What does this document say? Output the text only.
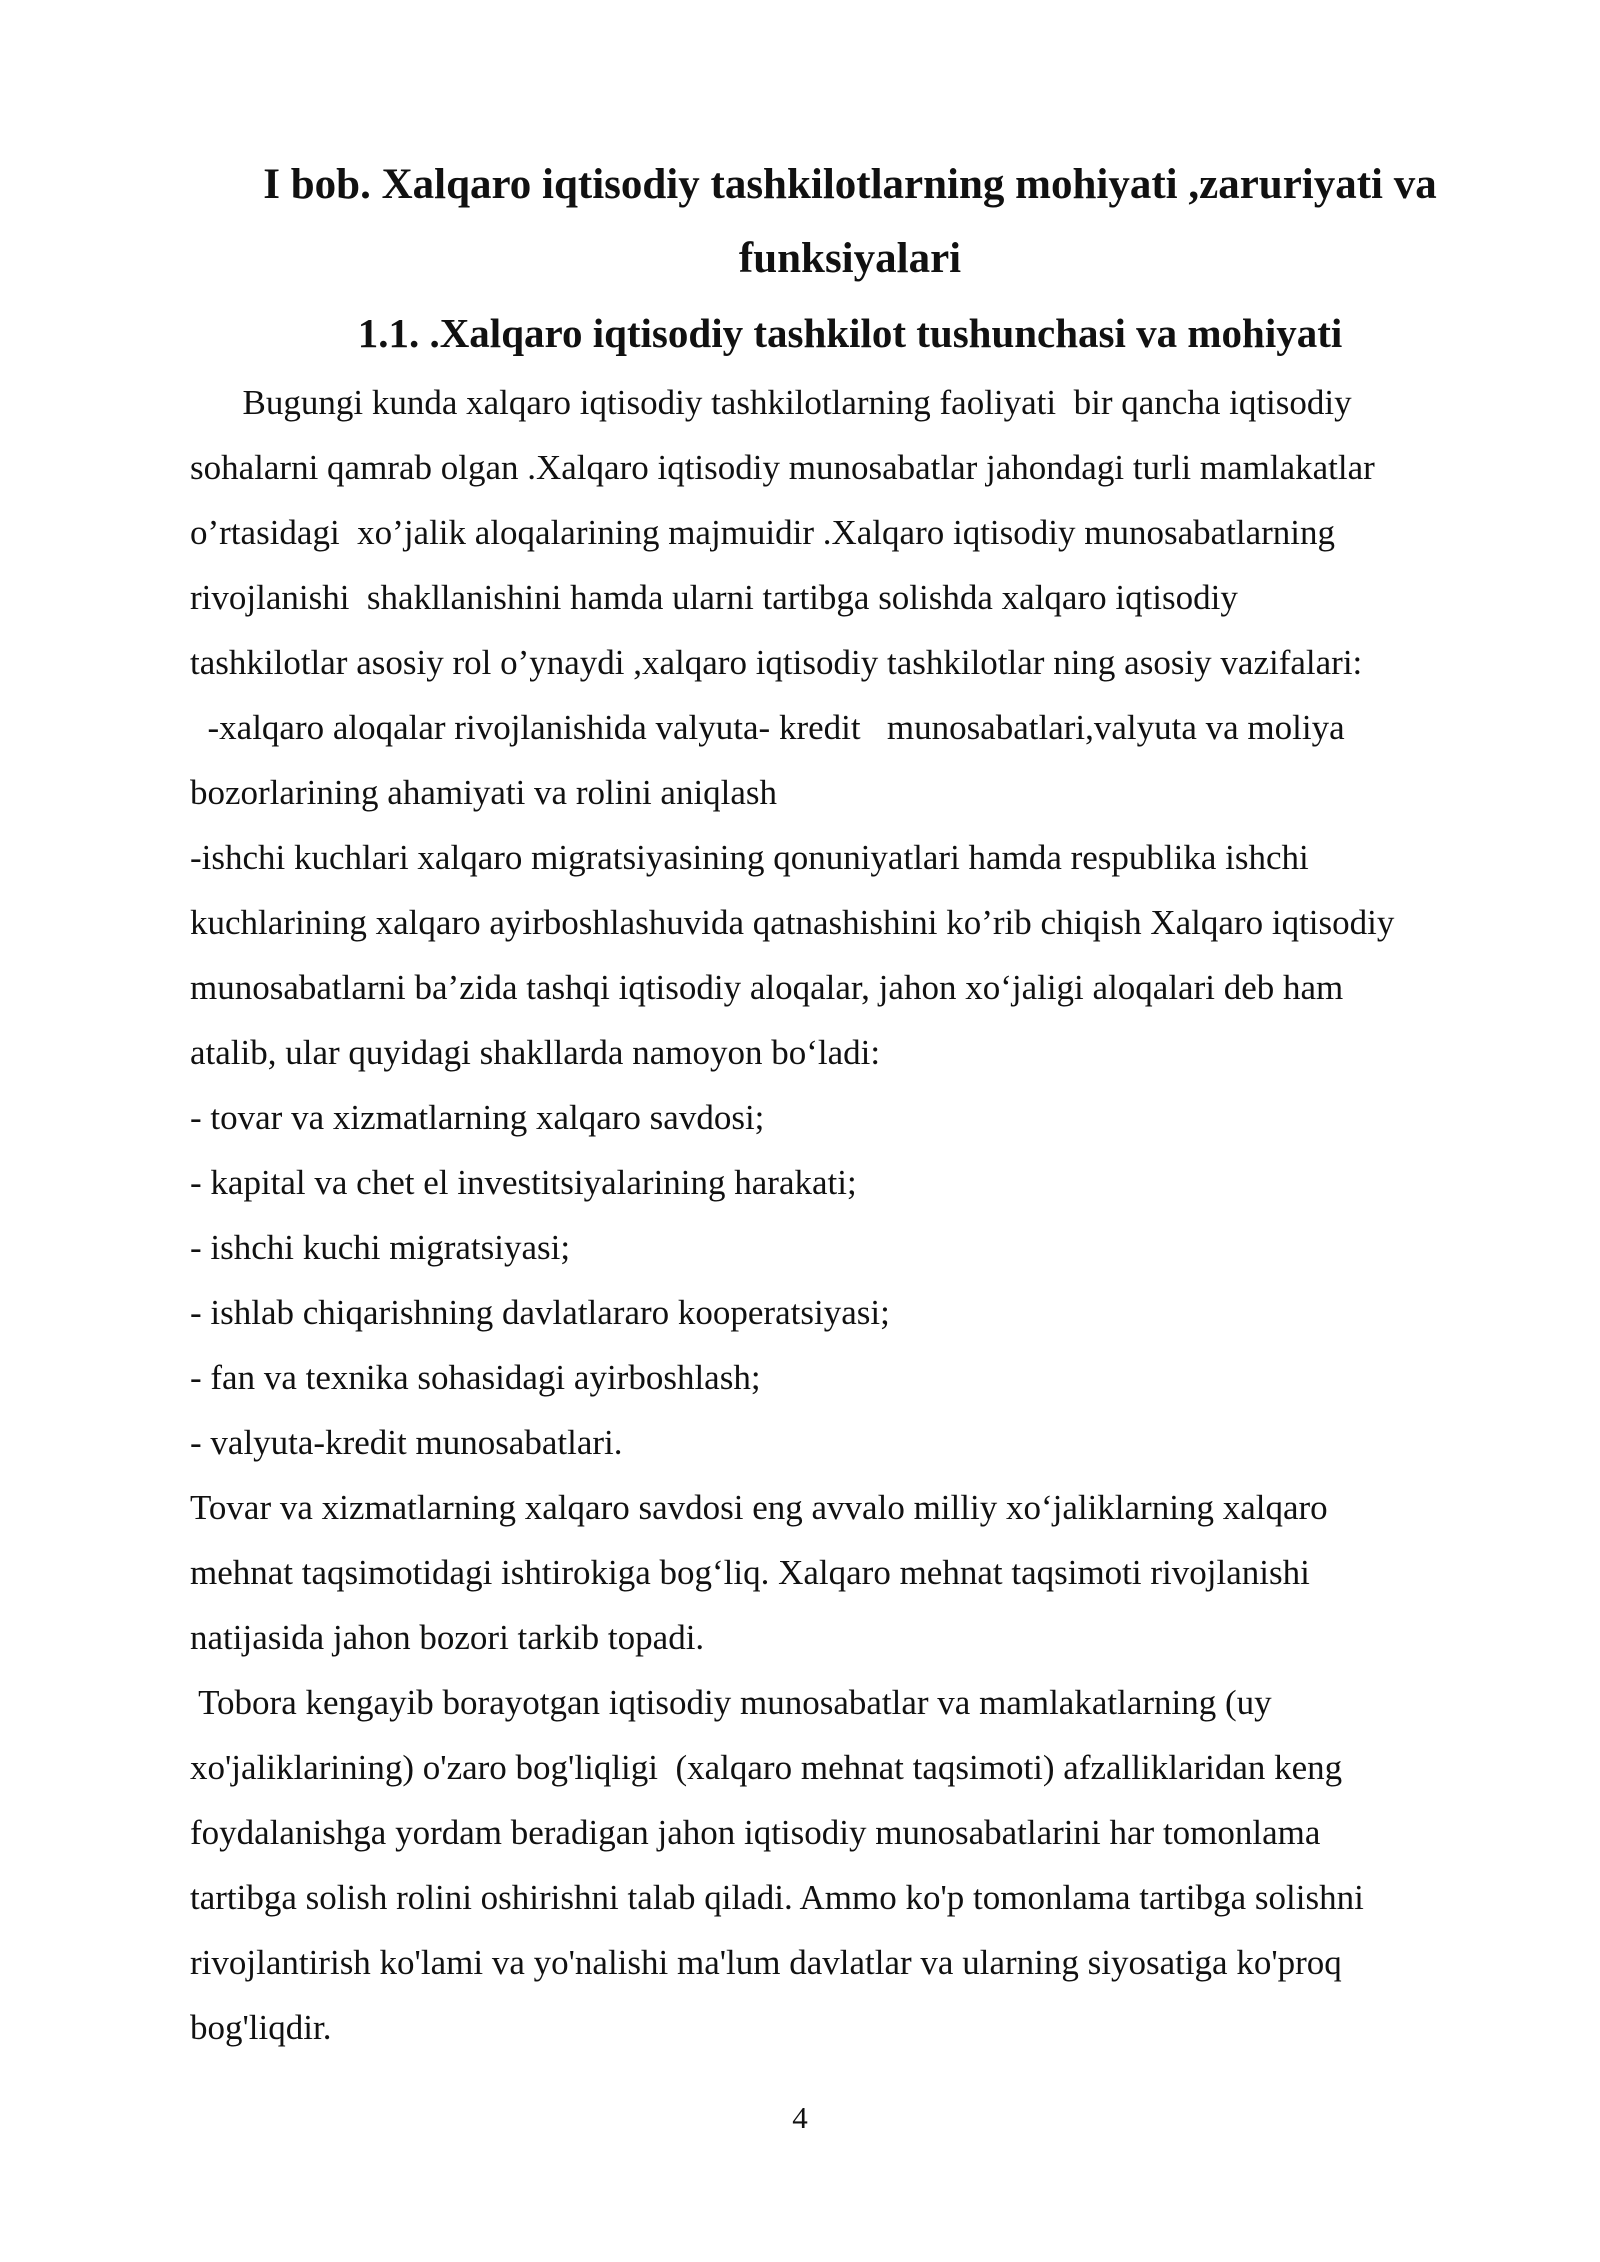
I bob. Xalqaro iqtisodiy tashkilotlarning mohiyati ,zaruriyati va
funksiyalari

1.1. .Xalqaro iqtisodiy tashkilot tushunchasi va mohiyati

Bugungi kunda xalqaro iqtisodiy tashkilotlarning faoliyati  bir qancha iqtisodiy

sohalarni qamrab olgan .Xalqaro iqtisodiy munosabatlar jahondagi turli mamlakatlar

o’rtasidagi  xo’jalik aloqalarining majmuidir .Xalqaro iqtisodiy munosabatlarning

rivojlanishi  shakllanishini hamda ularni tartibga solishda xalqaro iqtisodiy

tashkilotlar asosiy rol o’ynaydi ,xalqaro iqtisodiy tashkilotlar ning asosiy vazifalari:

-xalqaro aloqalar rivojlanishida valyuta- kredit   munosabatlari,valyuta va moliya

bozorlarining ahamiyati va rolini aniqlash

-ishchi kuchlari xalqaro migratsiyasining qonuniyatlari hamda respublika ishchi

kuchlarining xalqaro ayirboshlashuvida qatnashishini ko’rib chiqish Xalqaro iqtisodiy

munosabatlarni ba’zida tashqi iqtisodiy aloqalar, jahon xo‘jaligi aloqalari deb ham

atalib, ular quyidagi shakllarda namoyon bo‘ladi:

- tovar va xizmatlarning xalqaro savdosi;

- kapital va chet el investitsiyalarining harakati;

- ishchi kuchi migratsiyasi;

- ishlab chiqarishning davlatlararo kooperatsiyasi;

- fan va texnika sohasidagi ayirboshlash;

- valyuta-kredit munosabatlari.

Tovar va xizmatlarning xalqaro savdosi eng avvalo milliy xo‘jaliklarning xalqaro

mehnat taqsimotidagi ishtirokiga bog‘liq. Xalqaro mehnat taqsimoti rivojlanishi

natijasida jahon bozori tarkib topadi.

Tobora kengayib borayotgan iqtisodiy munosabatlar va mamlakatlarning (uy

xo'jaliklarining) o'zaro bog'liqligi  (xalqaro mehnat taqsimoti) afzalliklaridan keng

foydalanishga yordam beradigan jahon iqtisodiy munosabatlarini har tomonlama

tartibga solish rolini oshirishni talab qiladi. Ammo ko'p tomonlama tartibga solishni

rivojlantirish ko'lami va yo'nalishi ma'lum davlatlar va ularning siyosatiga ko'proq

bog'liqdir.

4
